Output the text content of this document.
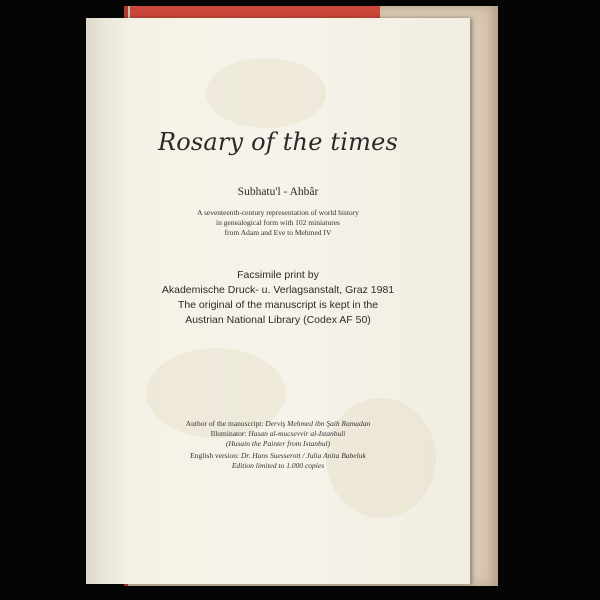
Rosary of the times
Subhatu'l - Ahbâr
A seventeenth-century representation of world history
in genealogical form with 102 miniatures
from Adam and Eve to Mehmed IV
Facsimile print by
Akademische Druck- u. Verlagsanstalt, Graz 1981
The original of the manuscript is kept in the
Austrian National Library (Codex AF 50)
Author of the manuscript: Derviş Mehmed ibn Şaih Ramadan
Illuminator: Hasan al-mucsevvir al-Istanbuli
(Husain the Painter from Istanbul)
English version: Dr. Hans Suesserott / Julia Anita Babeluk
Edition limited to 1.000 copies
